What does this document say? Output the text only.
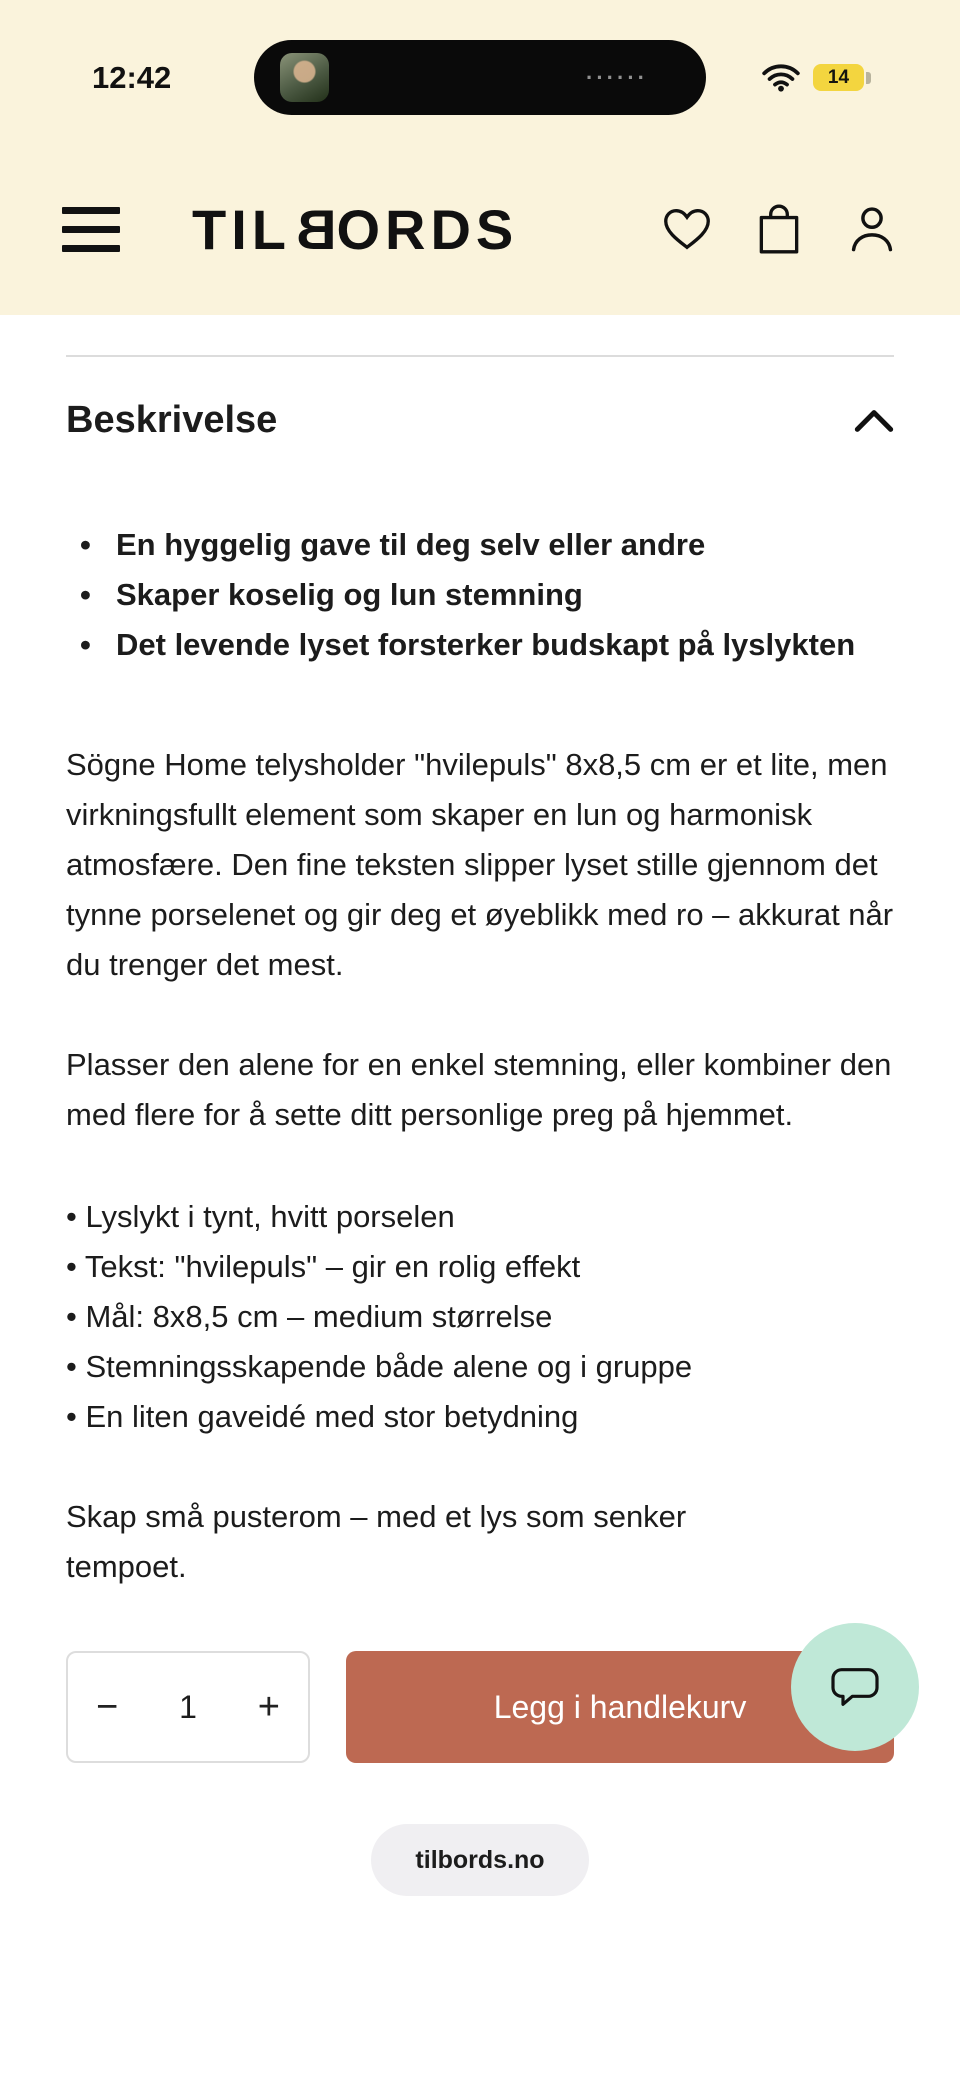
12:42	······	14
TIL B ORDS
Beskrivelse
• En hyggelig gave til deg selv eller andre
• Skaper koselig og lun stemning
• Det levende lyset forsterker budskapt på lyslykten

Sögne Home telysholder "hvilepuls" 8x8,5 cm er et lite, men virkningsfullt element som skaper en lun og harmonisk atmosfære. Den fine teksten slipper lyset stille gjennom det tynne porselenet og gir deg et øyeblikk med ro – akkurat når du trenger det mest.

Plasser den alene for en enkel stemning, eller kombiner den med flere for å sette ditt personlige preg på hjemmet.

• Lyslykt i tynt, hvitt porselen
• Tekst: "hvilepuls" – gir en rolig effekt
• Mål: 8x8,5 cm – medium størrelse
• Stemningsskapende både alene og i gruppe
• En liten gaveidé med stor betydning

Skap små pusterom – med et lys som senker tempoet.

− 1 +	Legg i handlekurv
tilbords.no
